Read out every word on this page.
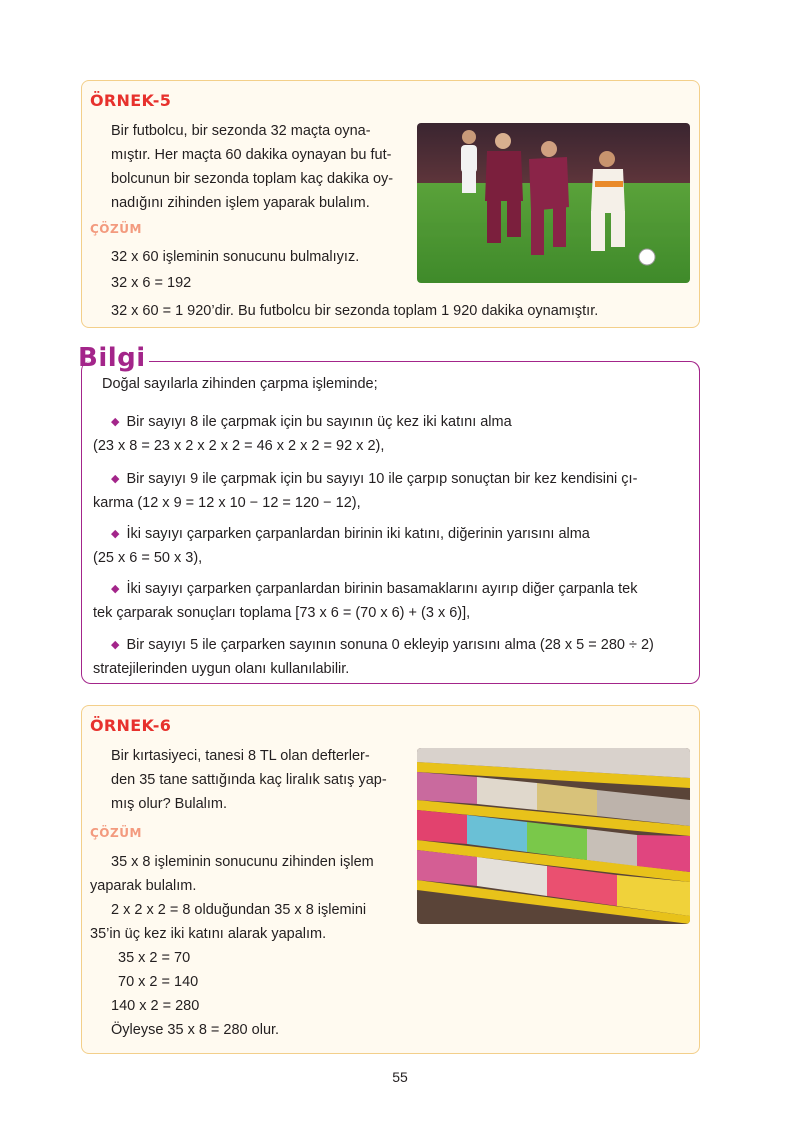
ÖRNEK-5

Bir futbolcu, bir sezonda 32 maçta oyna-

mıştır. Her maçta 60 dakika oynayan bu fut-

bolcunun bir sezonda toplam kaç dakika oy-

nadığını zihinden işlem yaparak bulalım.

ÇÖZÜM

32 x 60 işleminin sonucunu bulmalıyız.

32 x 6 = 192

32 x 60 = 1 920’dir. Bu futbolcu bir sezonda toplam 1 920 dakika oynamıştır.

Bilgi

Doğal sayılarla zihinden çarpma işleminde;

◆ Bir sayıyı 8 ile çarpmak için bu sayının üç kez iki katını alma

(23 x 8 = 23 x 2 x 2 x 2 = 46 x 2 x 2 = 92 x 2),

◆ Bir sayıyı 9 ile çarpmak için bu sayıyı 10 ile çarpıp sonuçtan bir kez kendisini çı-

karma (12 x 9 = 12 x 10 − 12 = 120 − 12),

◆ İki sayıyı çarparken çarpanlardan birinin iki katını, diğerinin yarısını alma

(25 x 6 = 50 x 3),

◆ İki sayıyı çarparken çarpanlardan birinin basamaklarını ayırıp diğer çarpanla tek

tek çarparak sonuçları toplama [73 x 6 = (70 x 6) + (3 x 6)],

◆ Bir sayıyı 5 ile çarparken sayının sonuna 0 ekleyip yarısını alma (28 x 5 = 280 ÷ 2)

stratejilerinden uygun olanı kullanılabilir.

ÖRNEK-6

Bir kırtasiyeci, tanesi 8 TL olan defterler-

den 35 tane sattığında kaç liralık satış yap-

mış olur? Bulalım.

ÇÖZÜM

35 x 8 işleminin sonucunu zihinden işlem

yaparak bulalım.

2 x 2 x 2 = 8 olduğundan 35 x 8 işlemini

35’in üç kez iki katını alarak yapalım.

35 x 2 = 70

70 x 2 = 140

140 x 2 = 280

Öyleyse 35 x 8 = 280 olur.

55
